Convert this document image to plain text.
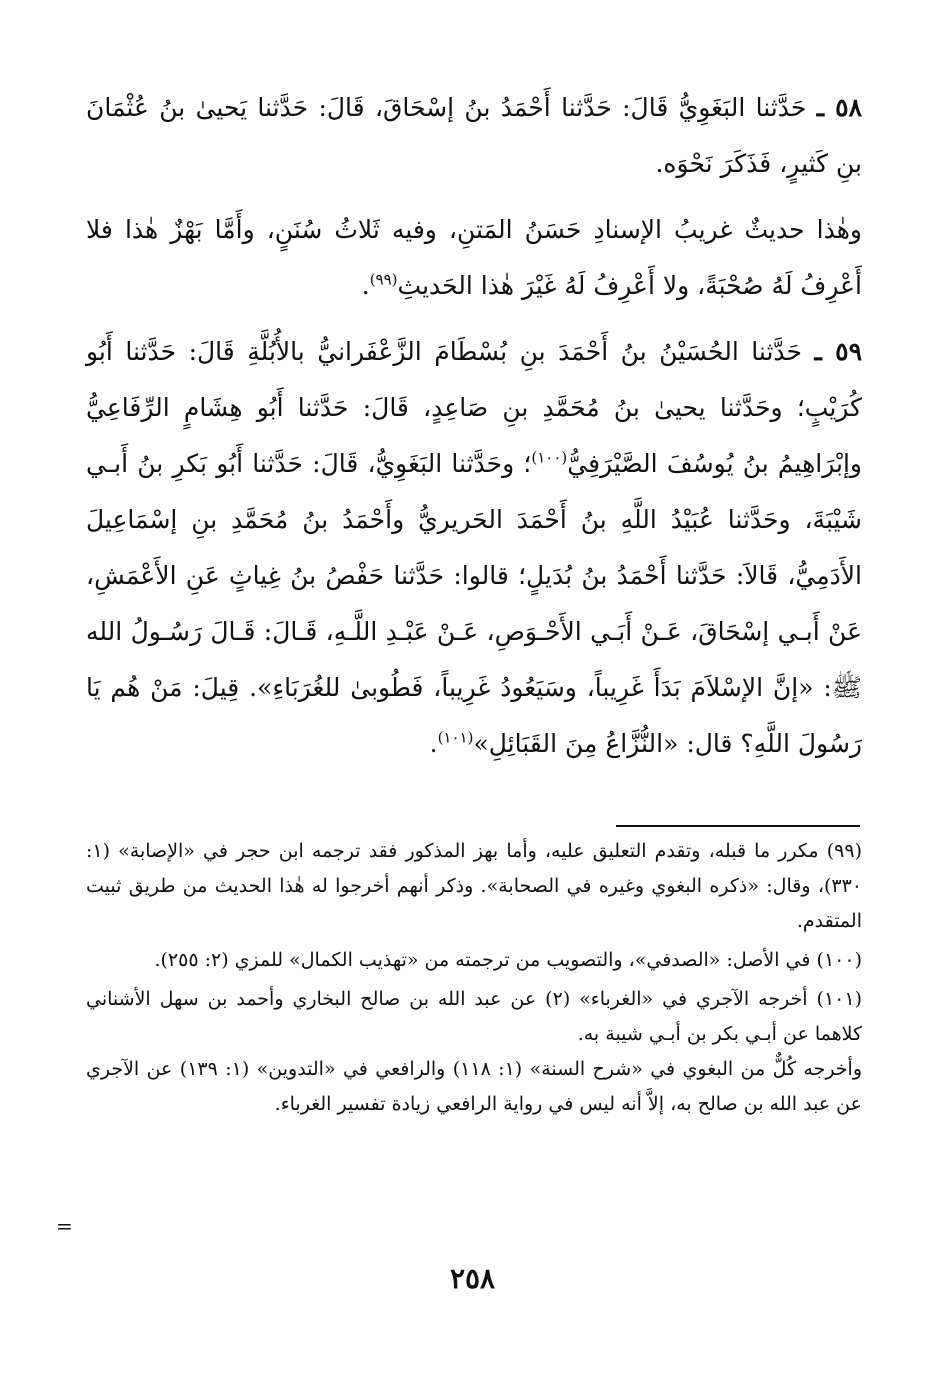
٥٨ ـ حَدَّثنا البَغَوِيُّ قَالَ: حَدَّثنا أَحْمَدُ بنُ إسْحَاقَ، قَالَ: حَدَّثنا يَحيىٰ بنُ عُثْمَانَ بنِ كَثيرٍ، فَذَكَرَ نَحْوَه.

وهٰذا حديثٌ غريبُ الإسنادِ حَسَنُ المَتنِ، وفيه ثَلاثُ سُنَنٍ، وأَمَّا بَهْزٌ هٰذا فلا أَعْرِفُ لَهُ صُحْبَةً، ولا أَعْرِفُ لَهُ غَيْرَ هٰذا الحَديثِ$^{(٩٩)}$.

٥٩ ـ حَدَّثنا الحُسَيْنُ بنُ أَحْمَدَ بنِ بُسْطَامَ الزَّعْفَرانيُّ بالأُبُلَّةِ قَالَ: حَدَّثنا أَبُو كُرَيْبٍ؛ وحَدَّثنا يحيىٰ بنُ مُحَمَّدِ بنِ صَاعِدٍ، قَالَ: حَدَّثنا أَبُو هِشَامٍ الرِّفَاعِيُّ وإبْرَاهِيمُ بنُ يُوسُفَ الصَّيْرَفِيُّ$^{(١٠٠)}$؛ وحَدَّثنا البَغَوِيُّ، قَالَ: حَدَّثنا أَبُو بَكرِ بنُ أَبـي شَيْبَةَ، وحَدَّثنا عُبَيْدُ اللَّهِ بنُ أَحْمَدَ الحَريريُّ وأَحْمَدُ بنُ مُحَمَّدِ بنِ إسْمَاعِيلَ الأَدَمِيُّ، قَالاَ: حَدَّثنا أَحْمَدُ بنُ بُدَيلٍ؛ قالوا: حَدَّثنا حَفْصُ بنُ غِياثٍ عَنِ الأَعْمَشِ، عَنْ أَبـي إسْحَاقَ، عَـنْ أَبَـي الأَحْـوَصِ، عَـنْ عَبْـدِ اللَّـهِ، قَـالَ: قَـالَ رَسُـولُ الله ﷺ: «إنَّ الإسْلاَمَ بَدَأَ غَرِيباً، وسَيَعُودُ غَرِيباً، فَطُوبىٰ للغُرَبَاءِ». قِيلَ: مَنْ هُم يَا رَسُولَ اللَّهِ؟ قال: «النُّزَّاعُ مِنَ القَبَائِلِ»$^{(١٠١)}$.

(٩٩) مكرر ما قبله، وتقدم التعليق عليه، وأما بهز المذكور فقد ترجمه ابن حجر في «الإصابة» (١: ٣٣٠)، وقال: «ذكره البغوي وغيره في الصحابة». وذكر أنهم أخرجوا له هٰذا الحديث من طريق ثبيت المتقدم.

(١٠٠) في الأصل: «الصدفي»، والتصويب من ترجمته من «تهذيب الكمال» للمزي (٢: ٢٥٥).

(١٠١) أخرجه الآجري في «الغرباء» (٢) عن عبد الله بن صالح البخاري وأحمد بن سهل الأشناني كلاهما عن أبـي بكر بن أبـي شيبة به.

وأخرجه كُلٌّ من البغوي في «شرح السنة» (١: ١١٨) والرافعي في «التدوين» (١: ١٣٩) عن الآجري عن عبد الله بن صالح به، إلاَّ أنه ليس في رواية الرافعي زيادة تفسير الغرباء.

=
٢٥٨
